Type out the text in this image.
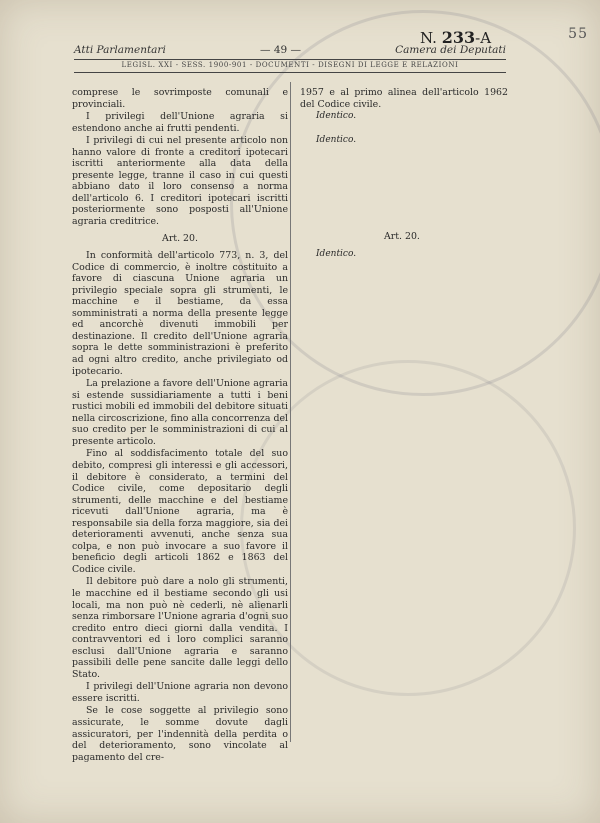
55
N. 233-A
Atti Parlamentari	— 49 —	Camera dei Deputati
LEGISL. XXI - SESS. 1900-901 - DOCUMENTI - DISEGNI DI LEGGE E RELAZIONI

comprese le sovrimposte comunali e provinciali.

I privilegi dell'Unione agraria si estendono anche ai frutti pendenti.

I privilegi di cui nel presente articolo non hanno valore di fronte a creditori ipotecari iscritti anteriormente alla data della presente legge, tranne il caso in cui questi abbiano dato il loro consenso a norma dell'articolo 6. I creditori ipotecari iscritti posteriormente sono posposti all'Unione agraria creditrice.

Art. 20.

In conformità dell'articolo 773, n. 3, del Codice di commercio, è inoltre costituito a favore di ciascuna Unione agraria un privilegio speciale sopra gli strumenti, le macchine e il bestiame, da essa somministrati a norma della presente legge ed ancorchè divenuti immobili per destinazione. Il credito dell'Unione agraria sopra le dette somministrazioni è preferito ad ogni altro credito, anche privilegiato od ipotecario.

La prelazione a favore dell'Unione agraria si estende sussidiariamente a tutti i beni rustici mobili ed immobili del debitore situati nella circoscrizione, fino alla concorrenza del suo credito per le somministrazioni di cui al presente articolo.

Fino al soddisfacimento totale del suo debito, compresi gli interessi e gli accessori, il debitore è considerato, a termini del Codice civile, come depositario degli strumenti, delle macchine e del bestiame ricevuti dall'Unione agraria, ma è responsabile sia della forza maggiore, sia dei deterioramenti avvenuti, anche senza sua colpa, e non può invocare a suo favore il beneficio degli articoli 1862 e 1863 del Codice civile.

Il debitore può dare a nolo gli strumenti, le macchine ed il bestiame secondo gli usi locali, ma non può nè cederli, nè alienarli senza rimborsare l'Unione agraria d'ogni suo credito entro dieci giorni dalla vendita. I contravventori ed i loro complici saranno esclusi dall'Unione agraria e saranno passibili delle pene sancite dalle leggi dello Stato.

I privilegi dell'Unione agraria non devono essere iscritti.

Se le cose soggette al privilegio sono assicurate, le somme dovute dagli assicuratori, per l'indennità della perdita o del deterioramento, sono vincolate al pagamento del cre-

1957 e al primo alinea dell'articolo 1962 del Codice civile.

Identico.
Identico.
Art. 20.
Identico.
